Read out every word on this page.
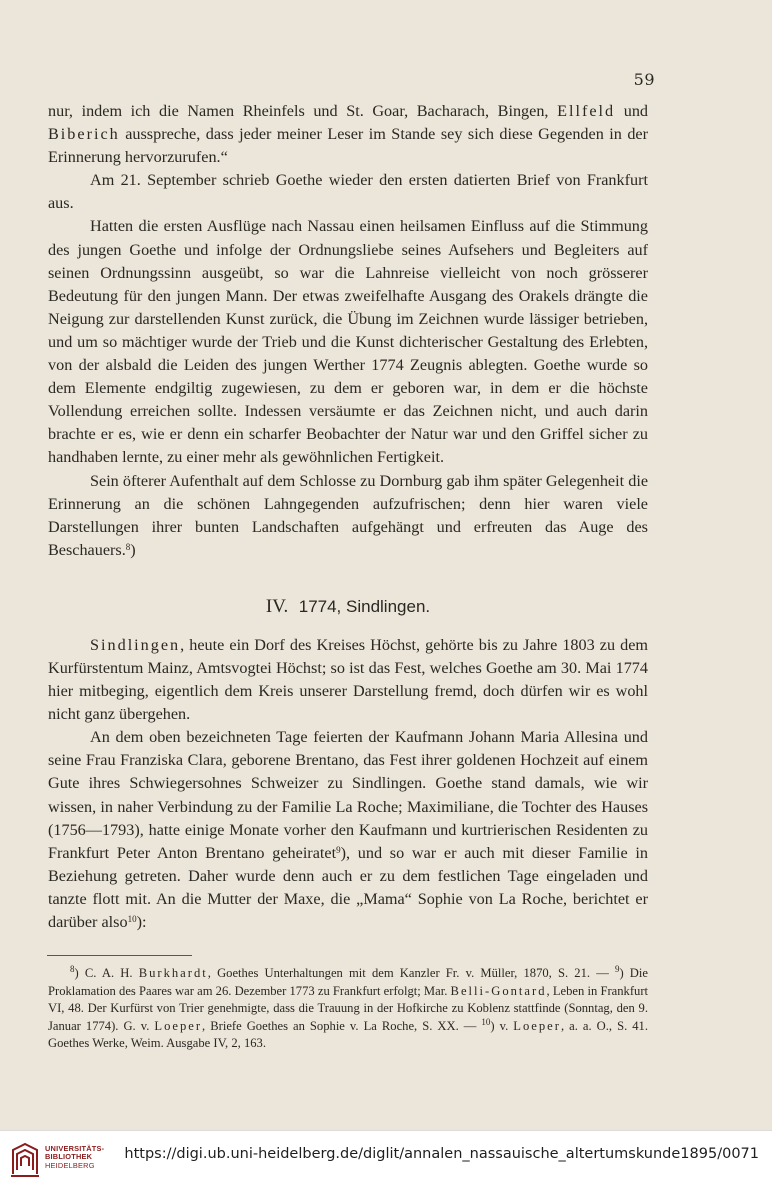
59

nur, indem ich die Namen Rheinfels und St. Goar, Bacharach, Bingen, Ellfeld und Biberich ausspreche, dass jeder meiner Leser im Stande sey sich diese Gegenden in der Erinnerung hervorzurufen.“

Am 21. September schrieb Goethe wieder den ersten datierten Brief von Frankfurt aus.

Hatten die ersten Ausflüge nach Nassau einen heilsamen Einfluss auf die Stimmung des jungen Goethe und infolge der Ordnungsliebe seines Aufsehers und Begleiters auf seinen Ordnungssinn ausgeübt, so war die Lahnreise vielleicht von noch grösserer Bedeutung für den jungen Mann. Der etwas zweifelhafte Ausgang des Orakels drängte die Neigung zur darstellenden Kunst zurück, die Übung im Zeichnen wurde lässiger betrieben, und um so mächtiger wurde der Trieb und die Kunst dichterischer Gestaltung des Erlebten, von der alsbald die Leiden des jungen Werther 1774 Zeugnis ablegten. Goethe wurde so dem Elemente endgiltig zugewiesen, zu dem er geboren war, in dem er die höchste Vollendung erreichen sollte. Indessen versäumte er das Zeichnen nicht, und auch darin brachte er es, wie er denn ein scharfer Beobachter der Natur war und den Griffel sicher zu handhaben lernte, zu einer mehr als gewöhnlichen Fertigkeit.

Sein öfterer Aufenthalt auf dem Schlosse zu Dornburg gab ihm später Gelegenheit die Erinnerung an die schönen Lahngegenden aufzufrischen; denn hier waren viele Darstellungen ihrer bunten Landschaften aufgehängt und erfreuten das Auge des Beschauers.$^8$)

IV. 1774, Sindlingen.

Sindlingen, heute ein Dorf des Kreises Höchst, gehörte bis zu Jahre 1803 zu dem Kurfürstentum Mainz, Amtsvogtei Höchst; so ist das Fest, welches Goethe am 30. Mai 1774 hier mitbeging, eigentlich dem Kreis unserer Darstellung fremd, doch dürfen wir es wohl nicht ganz übergehen.

An dem oben bezeichneten Tage feierten der Kaufmann Johann Maria Allesina und seine Frau Franziska Clara, geborene Brentano, das Fest ihrer goldenen Hochzeit auf einem Gute ihres Schwiegersohnes Schweizer zu Sindlingen. Goethe stand damals, wie wir wissen, in naher Verbindung zu der Familie La Roche; Maximiliane, die Tochter des Hauses (1756—1793), hatte einige Monate vorher den Kaufmann und kurtrierischen Residenten zu Frankfurt Peter Anton Brentano geheiratet$^9$), und so war er auch mit dieser Familie in Beziehung getreten. Daher wurde denn auch er zu dem festlichen Tage eingeladen und tanzte flott mit. An die Mutter der Maxe, die „Mama“ Sophie von La Roche, berichtet er darüber also$^{10}$):

$^8$) C. A. H. Burkhardt, Goethes Unterhaltungen mit dem Kanzler Fr. v. Müller, 1870, S. 21. — $^9$) Die Proklamation des Paares war am 26. Dezember 1773 zu Frankfurt erfolgt; Mar. Belli-Gontard, Leben in Frankfurt VI, 48. Der Kurfürst von Trier genehmigte, dass die Trauung in der Hofkirche zu Koblenz stattfinde (Sonntag, den 9. Januar 1774). G. v. Loeper, Briefe Goethes an Sophie v. La Roche, S. XX. — $^{10}$) v. Loeper, a. a. O., S. 41. Goethes Werke, Weim. Ausgabe IV, 2, 163.

UNIVERSITÄTS-
BIBLIOTHEK
HEIDELBERG
https://digi.ub.uni-heidelberg.de/diglit/annalen_nassauische_altertumskunde1895/0071
